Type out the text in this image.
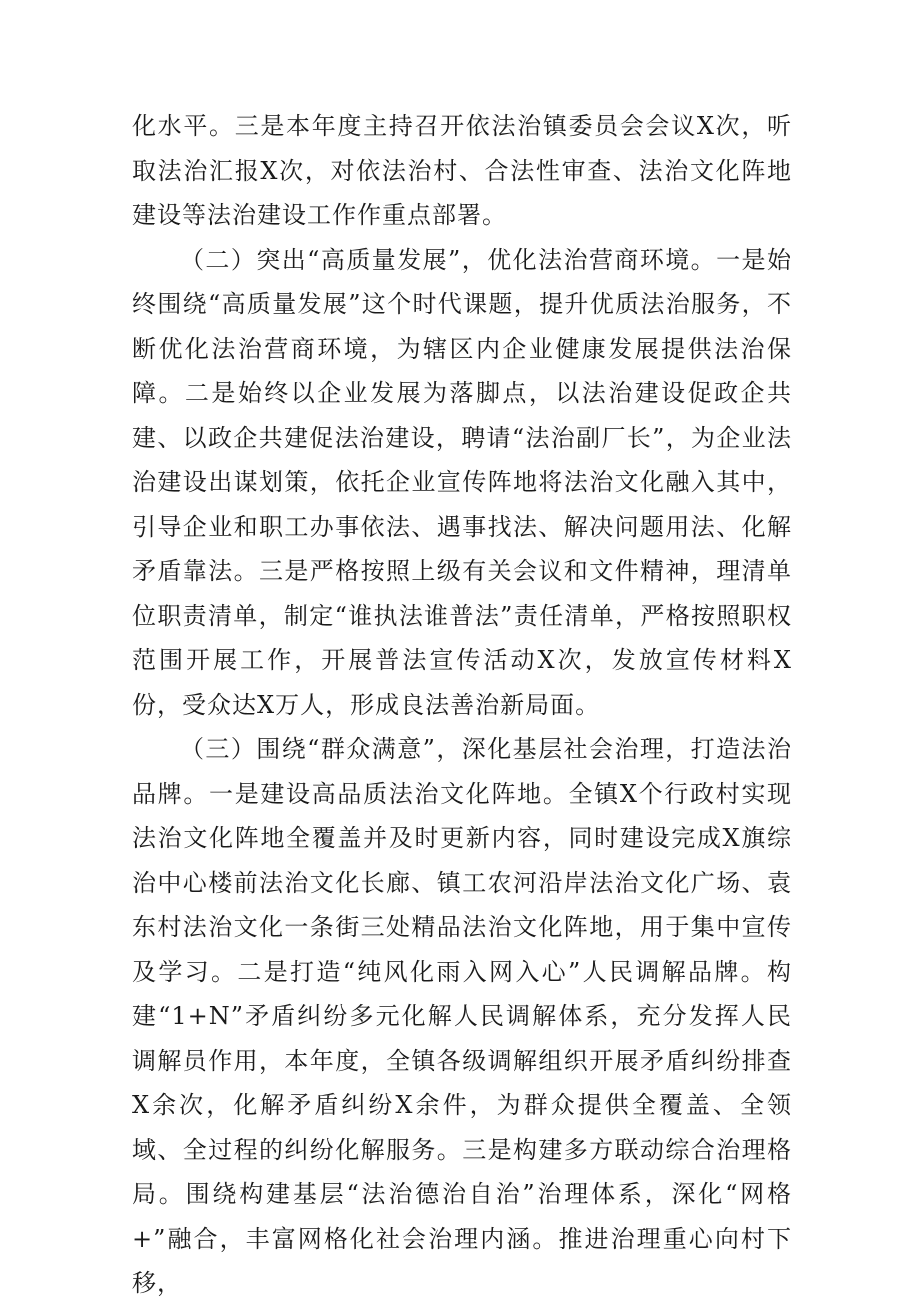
化水平。三是本年度主持召开依法治镇委员会会议X次，听取法治汇报X次，对依法治村、合法性审查、法治文化阵地建设等法治建设工作作重点部署。

（二）突出“高质量发展”，优化法治营商环境。一是始终围绕“高质量发展”这个时代课题，提升优质法治服务，不断优化法治营商环境，为辖区内企业健康发展提供法治保障。二是始终以企业发展为落脚点，以法治建设促政企共建、以政企共建促法治建设，聘请“法治副厂长”，为企业法治建设出谋划策，依托企业宣传阵地将法治文化融入其中，引导企业和职工办事依法、遇事找法、解决问题用法、化解矛盾靠法。三是严格按照上级有关会议和文件精神，理清单位职责清单，制定“谁执法谁普法”责任清单，严格按照职权范围开展工作，开展普法宣传活动X次，发放宣传材料X份，受众达X万人，形成良法善治新局面。

（三）围绕“群众满意”，深化基层社会治理，打造法治品牌。一是建设高品质法治文化阵地。全镇X个行政村实现法治文化阵地全覆盖并及时更新内容，同时建设完成X旗综治中心楼前法治文化长廊、镇工农河沿岸法治文化广场、袁东村法治文化一条街三处精品法治文化阵地，用于集中宣传及学习。二是打造“纯风化雨入网入心”人民调解品牌。构建“1+N”矛盾纠纷多元化解人民调解体系，充分发挥人民调解员作用，本年度，全镇各级调解组织开展矛盾纠纷排查X余次，化解矛盾纠纷X余件，为群众提供全覆盖、全领域、全过程的纠纷化解服务。三是构建多方联动综合治理格局。围绕构建基层“法治德治自治”治理体系，深化“网格+”融合，丰富网格化社会治理内涵。推进治理重心向村下移，
